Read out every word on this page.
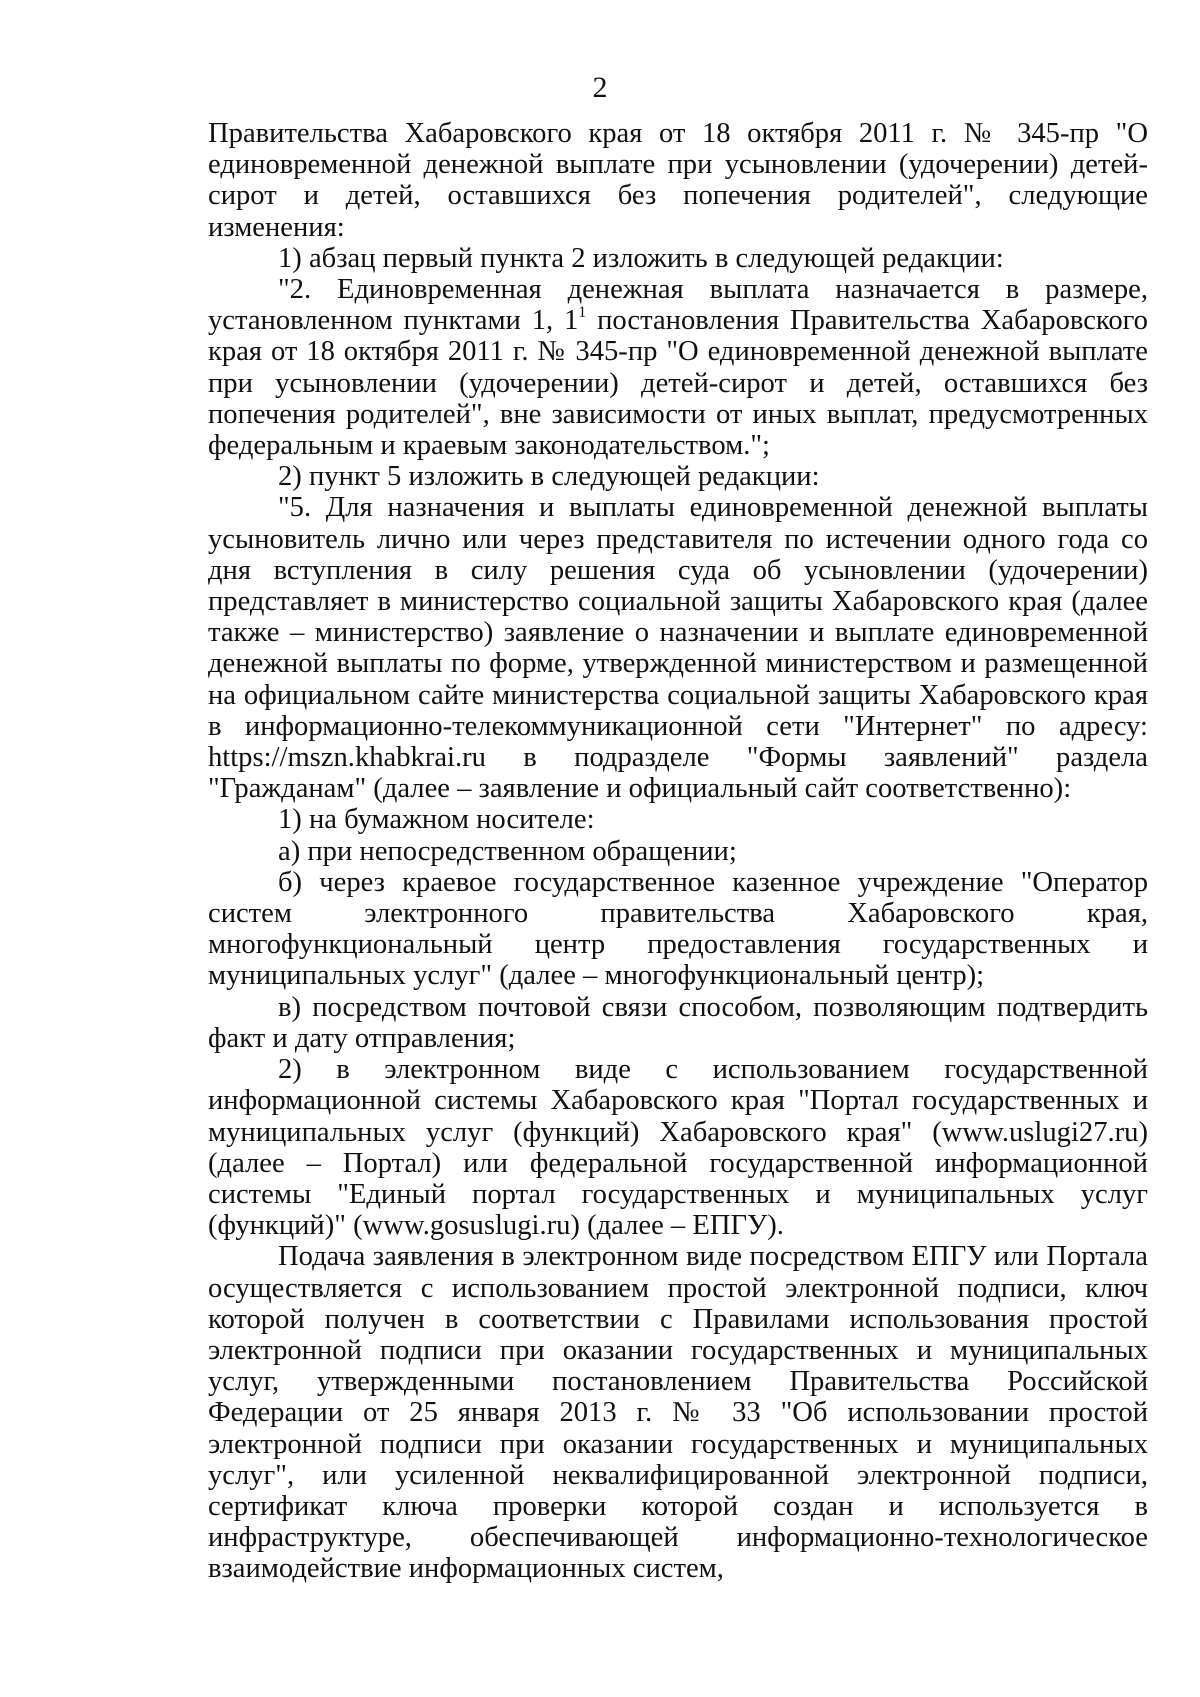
2

Правительства Хабаровского края от 18 октября 2011 г. № 345-пр "О единовременной денежной выплате при усыновлении (удочерении) детей-сирот и детей, оставшихся без попечения родителей", следующие изменения:

1) абзац первый пункта 2 изложить в следующей редакции:

"2. Единовременная денежная выплата назначается в размере, установленном пунктами 1, $1^1$ постановления Правительства Хабаровского края от 18 октября 2011 г. № 345-пр "О единовременной денежной выплате при усыновлении (удочерении) детей-сирот и детей, оставшихся без попечения родителей", вне зависимости от иных выплат, предусмотренных федеральным и краевым законодательством.";

2) пункт 5 изложить в следующей редакции:

"5. Для назначения и выплаты единовременной денежной выплаты усыновитель лично или через представителя по истечении одного года со дня вступления в силу решения суда об усыновлении (удочерении) представляет в министерство социальной защиты Хабаровского края (далее также – министерство) заявление о назначении и выплате единовременной денежной выплаты по форме, утвержденной министерством и размещенной на официальном сайте министерства социальной защиты Хабаровского края в информационно-телекоммуникационной сети "Интернет" по адресу: https://mszn.khabkrai.ru в подразделе "Формы заявлений" раздела "Гражданам" (далее – заявление и официальный сайт соответственно):

1) на бумажном носителе:

а) при непосредственном обращении;

б) через краевое государственное казенное учреждение "Оператор систем электронного правительства Хабаровского края, многофункциональный центр предоставления государственных и муниципальных услуг" (далее – многофункциональный центр);

в) посредством почтовой связи способом, позволяющим подтвердить факт и дату отправления;

2) в электронном виде с использованием государственной информационной системы Хабаровского края "Портал государственных и муниципальных услуг (функций) Хабаровского края" (www.uslugi27.ru) (далее – Портал) или федеральной государственной информационной системы "Единый портал государственных и муниципальных услуг (функций)" (www.gosuslugi.ru) (далее – ЕПГУ).

Подача заявления в электронном виде посредством ЕПГУ или Портала осуществляется с использованием простой электронной подписи, ключ которой получен в соответствии с Правилами использования простой электронной подписи при оказании государственных и муниципальных услуг, утвержденными постановлением Правительства Российской Федерации от 25 января 2013 г. № 33 "Об использовании простой электронной подписи при оказании государственных и муниципальных услуг", или усиленной неквалифицированной электронной подписи, сертификат ключа проверки которой создан и используется в инфраструктуре, обеспечивающей информационно-технологическое взаимодействие информационных систем,
